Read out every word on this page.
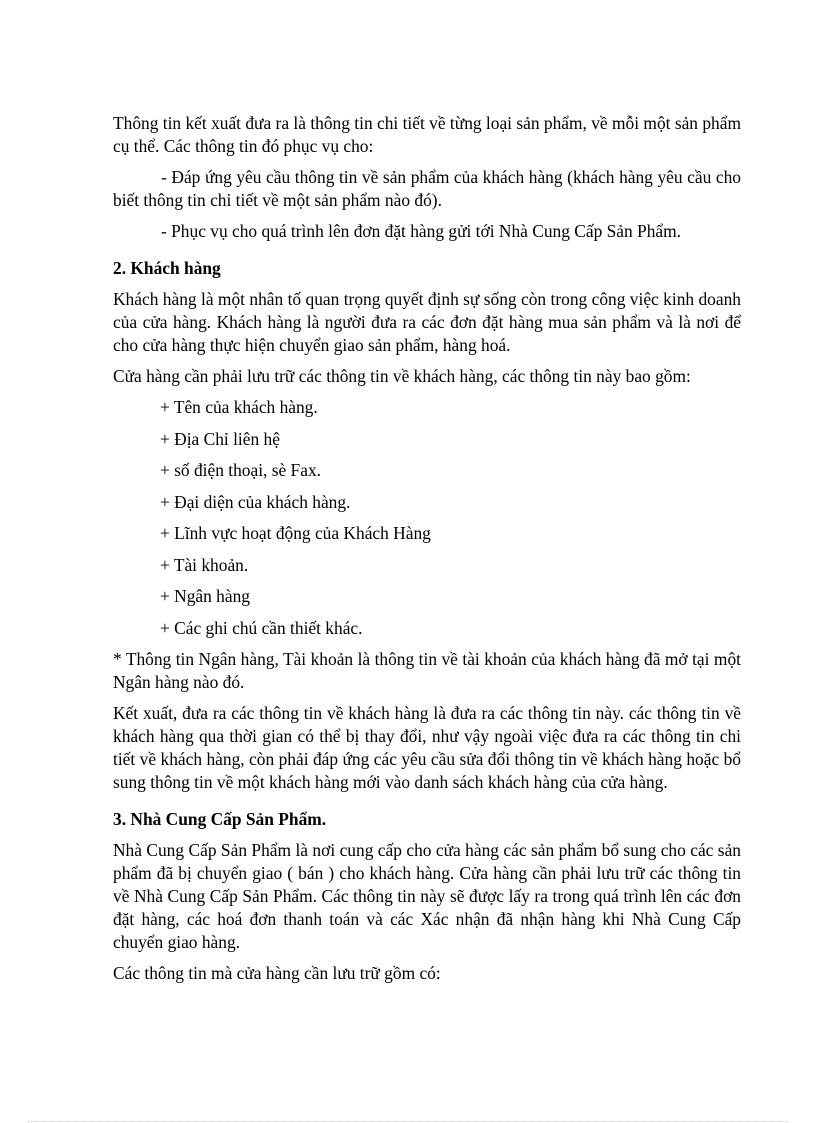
Thông tin kết xuất đưa ra là thông tin chi tiết về từng loại sản phẩm, về mỗi một sản phẩm cụ thể. Các thông tin đó phục vụ cho:

- Đáp ứng yêu cầu thông tin về sản phẩm của khách hàng (khách hàng yêu cầu cho biết thông tin chi tiết về một sản phẩm nào đó).

- Phục vụ cho quá trình lên đơn đặt hàng gửi tới Nhà Cung Cấp Sản Phẩm.

2. Khách hàng

Khách hàng là một nhân tố quan trọng quyết định sự sống còn trong công việc kinh doanh của cửa hàng. Khách hàng là người đưa ra các đơn đặt hàng mua sản phẩm và là nơi để cho cửa hàng thực hiện chuyển giao sản phẩm, hàng hoá.

Cửa hàng cần phải lưu trữ các thông tin về khách hàng, các thông tin này bao gồm:

+ Tên của khách hàng.
+ Địa Chỉ liên hệ
+ số điện thoại, sè Fax.
+ Đại diện của khách hàng.
+ Lĩnh vực hoạt động của Khách Hàng
+ Tài khoản.
+ Ngân hàng
+ Các ghi chú cần thiết khác.

* Thông tin Ngân hàng, Tài khoản là thông tin về tài khoản của khách hàng đã mở tại một Ngân hàng nào đó.

Kết xuất, đưa ra các thông tin về khách hàng là đưa ra các thông tin này. các thông tin về khách hàng qua thời gian có thể bị thay đổi, như vậy ngoài việc đưa ra các thông tin chi tiết về khách hàng, còn phải đáp ứng các yêu cầu sửa đổi thông tin về khách hàng hoặc bổ sung thông tin về một khách hàng mới vào danh sách khách hàng của cửa hàng.

3. Nhà Cung Cấp Sản Phẩm.

Nhà Cung Cấp Sản Phẩm là nơi cung cấp cho cửa hàng các sản phẩm bổ sung cho các sản phẩm đã bị chuyển giao ( bán ) cho khách hàng. Cửa hàng cần phải lưu trữ các thông tin về Nhà Cung Cấp Sản Phẩm. Các thông tin này sẽ được lấy ra trong quá trình lên các đơn đặt hàng, các hoá đơn thanh toán và các Xác nhận đã nhận hàng khi Nhà Cung Cấp chuyển giao hàng.

Các thông tin mà cửa hàng cần lưu trữ gồm có:
